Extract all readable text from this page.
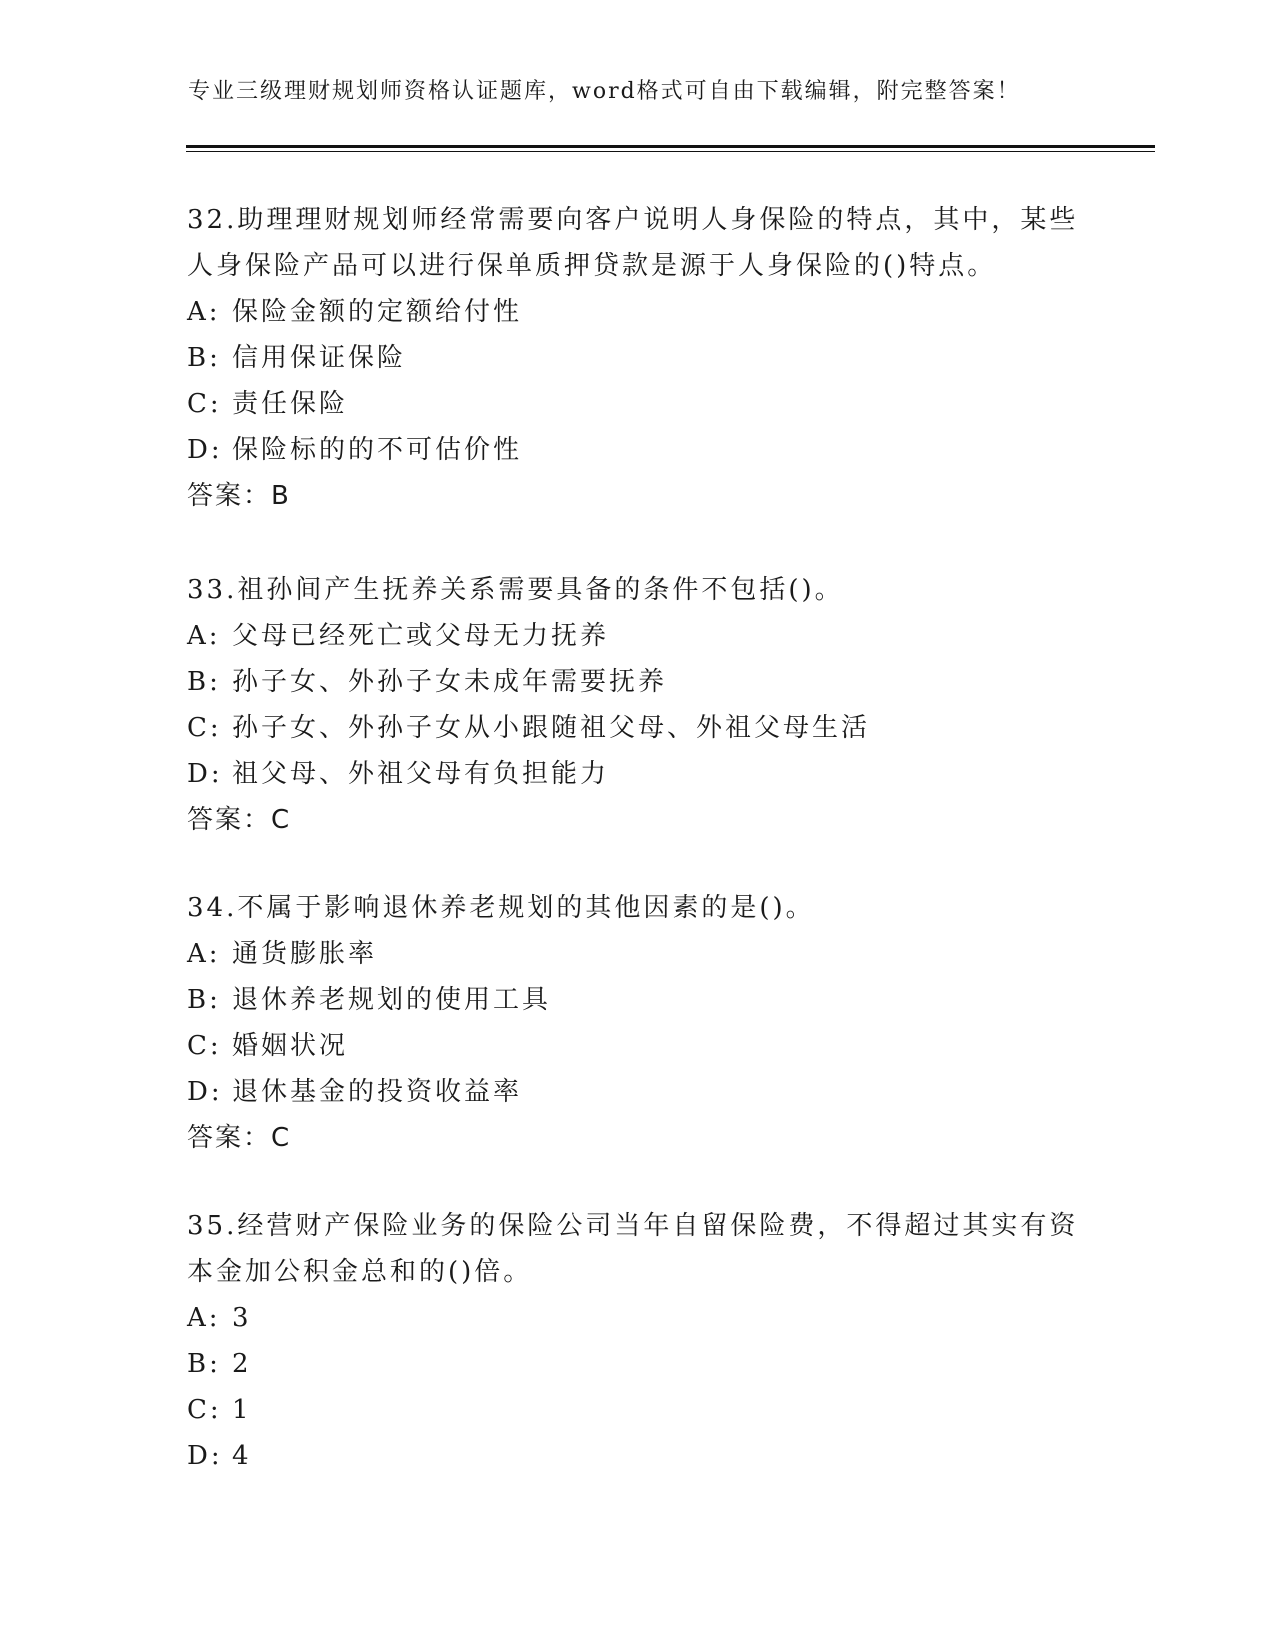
专业三级理财规划师资格认证题库，word格式可自由下载编辑，附完整答案！
32.助理理财规划师经常需要向客户说明人身保险的特点，其中，某些人身保险产品可以进行保单质押贷款是源于人身保险的()特点。
A: 保险金额的定额给付性
B: 信用保证保险
C: 责任保险
D: 保险标的的不可估价性
答案：B
33.祖孙间产生抚养关系需要具备的条件不包括()。
A: 父母已经死亡或父母无力抚养
B: 孙子女、外孙子女未成年需要抚养
C: 孙子女、外孙子女从小跟随祖父母、外祖父母生活
D: 祖父母、外祖父母有负担能力
答案：C
34.不属于影响退休养老规划的其他因素的是()。
A: 通货膨胀率
B: 退休养老规划的使用工具
C: 婚姻状况
D: 退休基金的投资收益率
答案：C
35.经营财产保险业务的保险公司当年自留保险费，不得超过其实有资本金加公积金总和的()倍。
A: 3
B: 2
C: 1
D: 4
